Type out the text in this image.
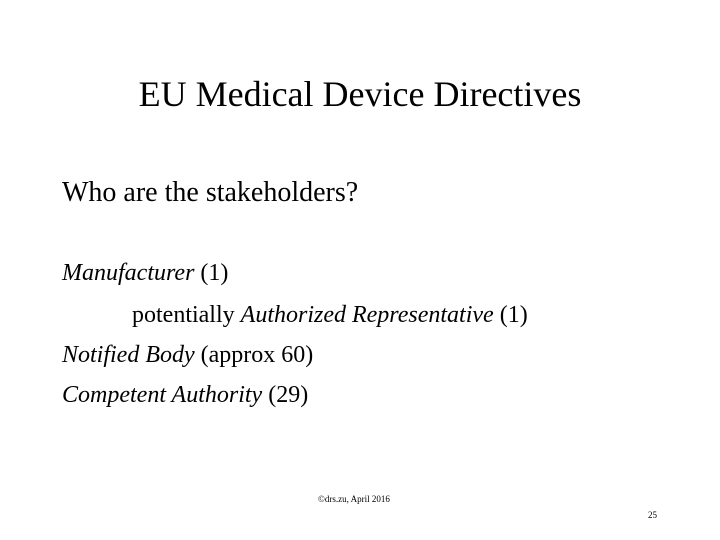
EU Medical Device Directives
Who are the stakeholders?
Manufacturer (1)
potentially Authorized Representative (1)
Notified Body (approx 60)
Competent Authority (29)
©drs.zu, April 2016
25
